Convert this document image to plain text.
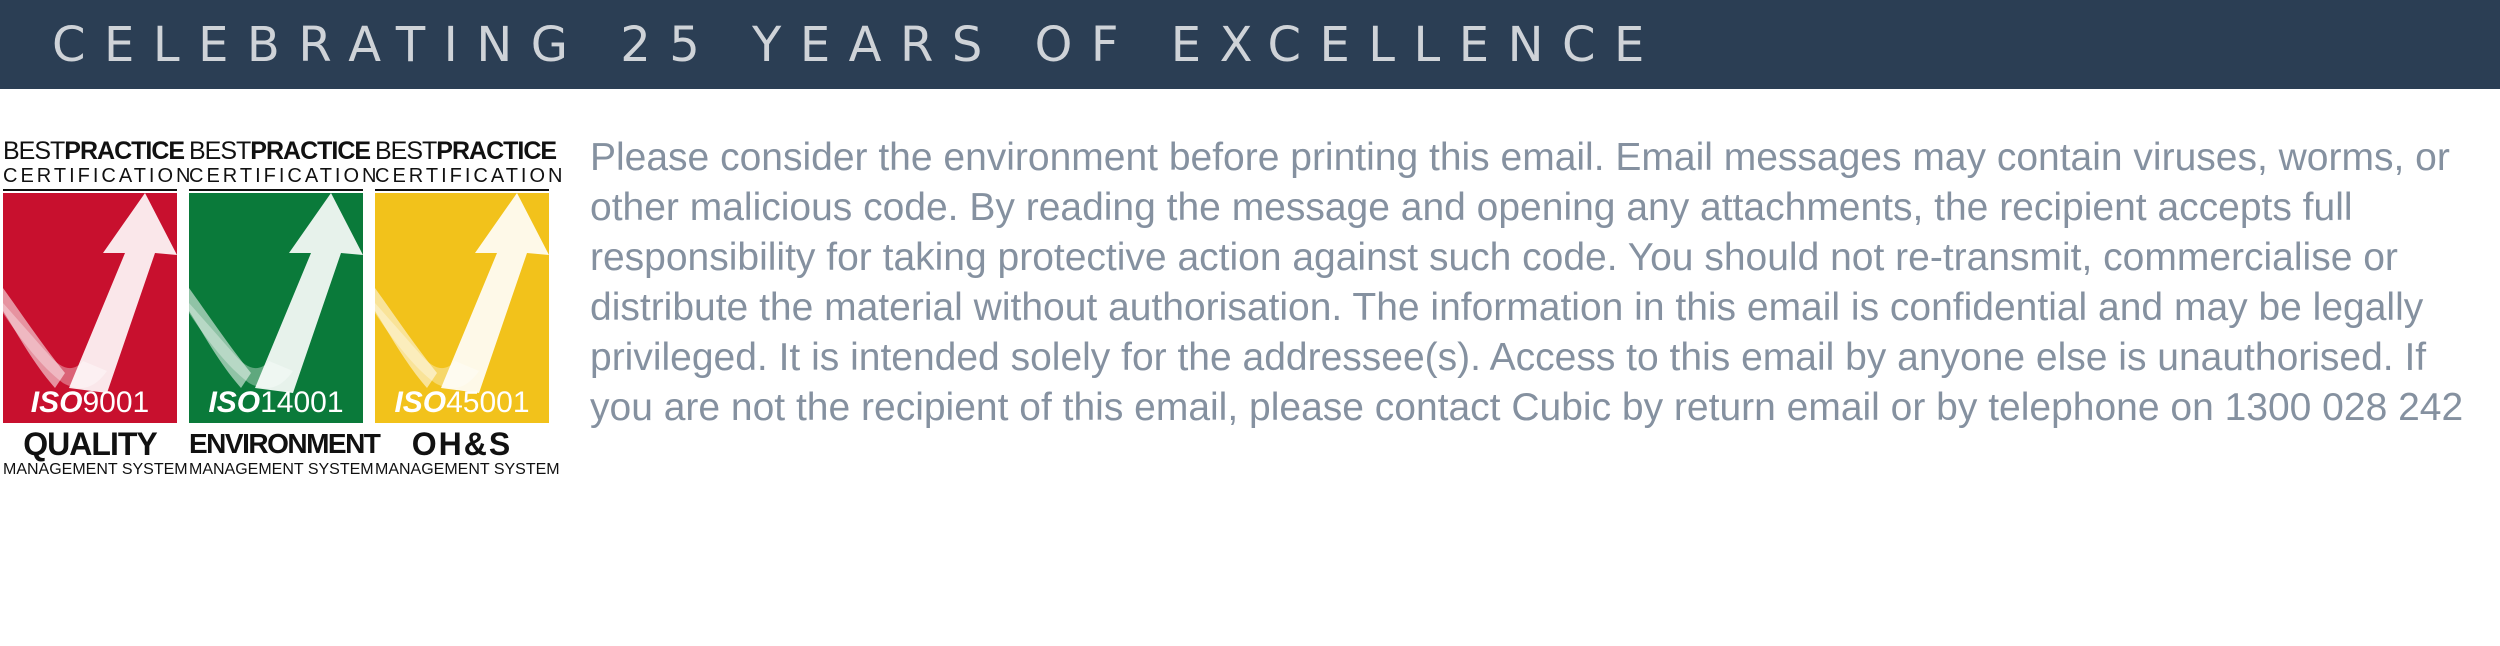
CELEBRATING 25 YEARS OF EXCELLENCE
BESTPRACTICE
CERTIFICATION
ISO9001
QUALITY
MANAGEMENT SYSTEM
BESTPRACTICE
CERTIFICATION
ISO14001
ENVIRONMENT
MANAGEMENT SYSTEM
BESTPRACTICE
CERTIFICATION
ISO45001
OH&S
MANAGEMENT SYSTEM

Please consider the environment before printing this email. Email messages may contain viruses, worms, or other malicious code. By reading the message and opening any attachments, the recipient accepts full responsibility for taking protective action against such code. You should not re-transmit, commercialise or distribute the material without authorisation. The information in this email is confidential and may be legally privileged. It is intended solely for the addressee(s). Access to this email by anyone else is unauthorised. If you are not the recipient of this email, please contact Cubic by return email or by telephone on 1300 028 242
